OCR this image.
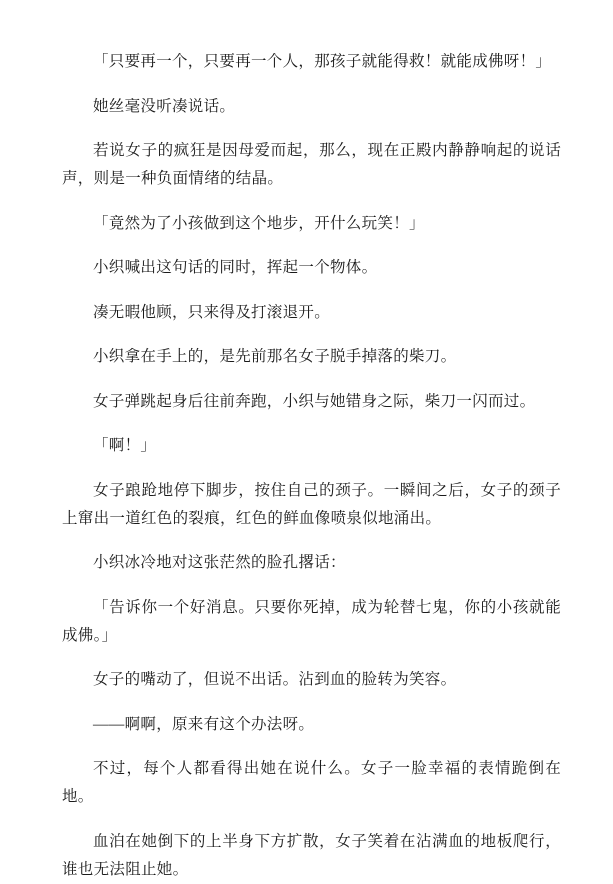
「只要再一个，只要再一个人，那孩子就能得救！就能成佛呀！」

她丝毫没听凑说话。

若说女子的疯狂是因母爱而起，那么，现在正殿内静静响起的说话声，则是一种负面情绪的结晶。

「竟然为了小孩做到这个地步，开什么玩笑！」

小织喊出这句话的同时，挥起一个物体。

凑无暇他顾，只来得及打滚退开。

小织拿在手上的，是先前那名女子脱手掉落的柴刀。

女子弹跳起身后往前奔跑，小织与她错身之际，柴刀一闪而过。

「啊！」

女子踉跄地停下脚步，按住自己的颈子。一瞬间之后，女子的颈子上窜出一道红色的裂痕，红色的鲜血像喷泉似地涌出。

小织冰冷地对这张茫然的脸孔撂话：

「告诉你一个好消息。只要你死掉，成为轮替七鬼，你的小孩就能成佛。」

女子的嘴动了，但说不出话。沾到血的脸转为笑容。

——啊啊，原来有这个办法呀。

不过，每个人都看得出她在说什么。女子一脸幸福的表情跪倒在地。

血泊在她倒下的上半身下方扩散，女子笑着在沾满血的地板爬行，谁也无法阻止她。
